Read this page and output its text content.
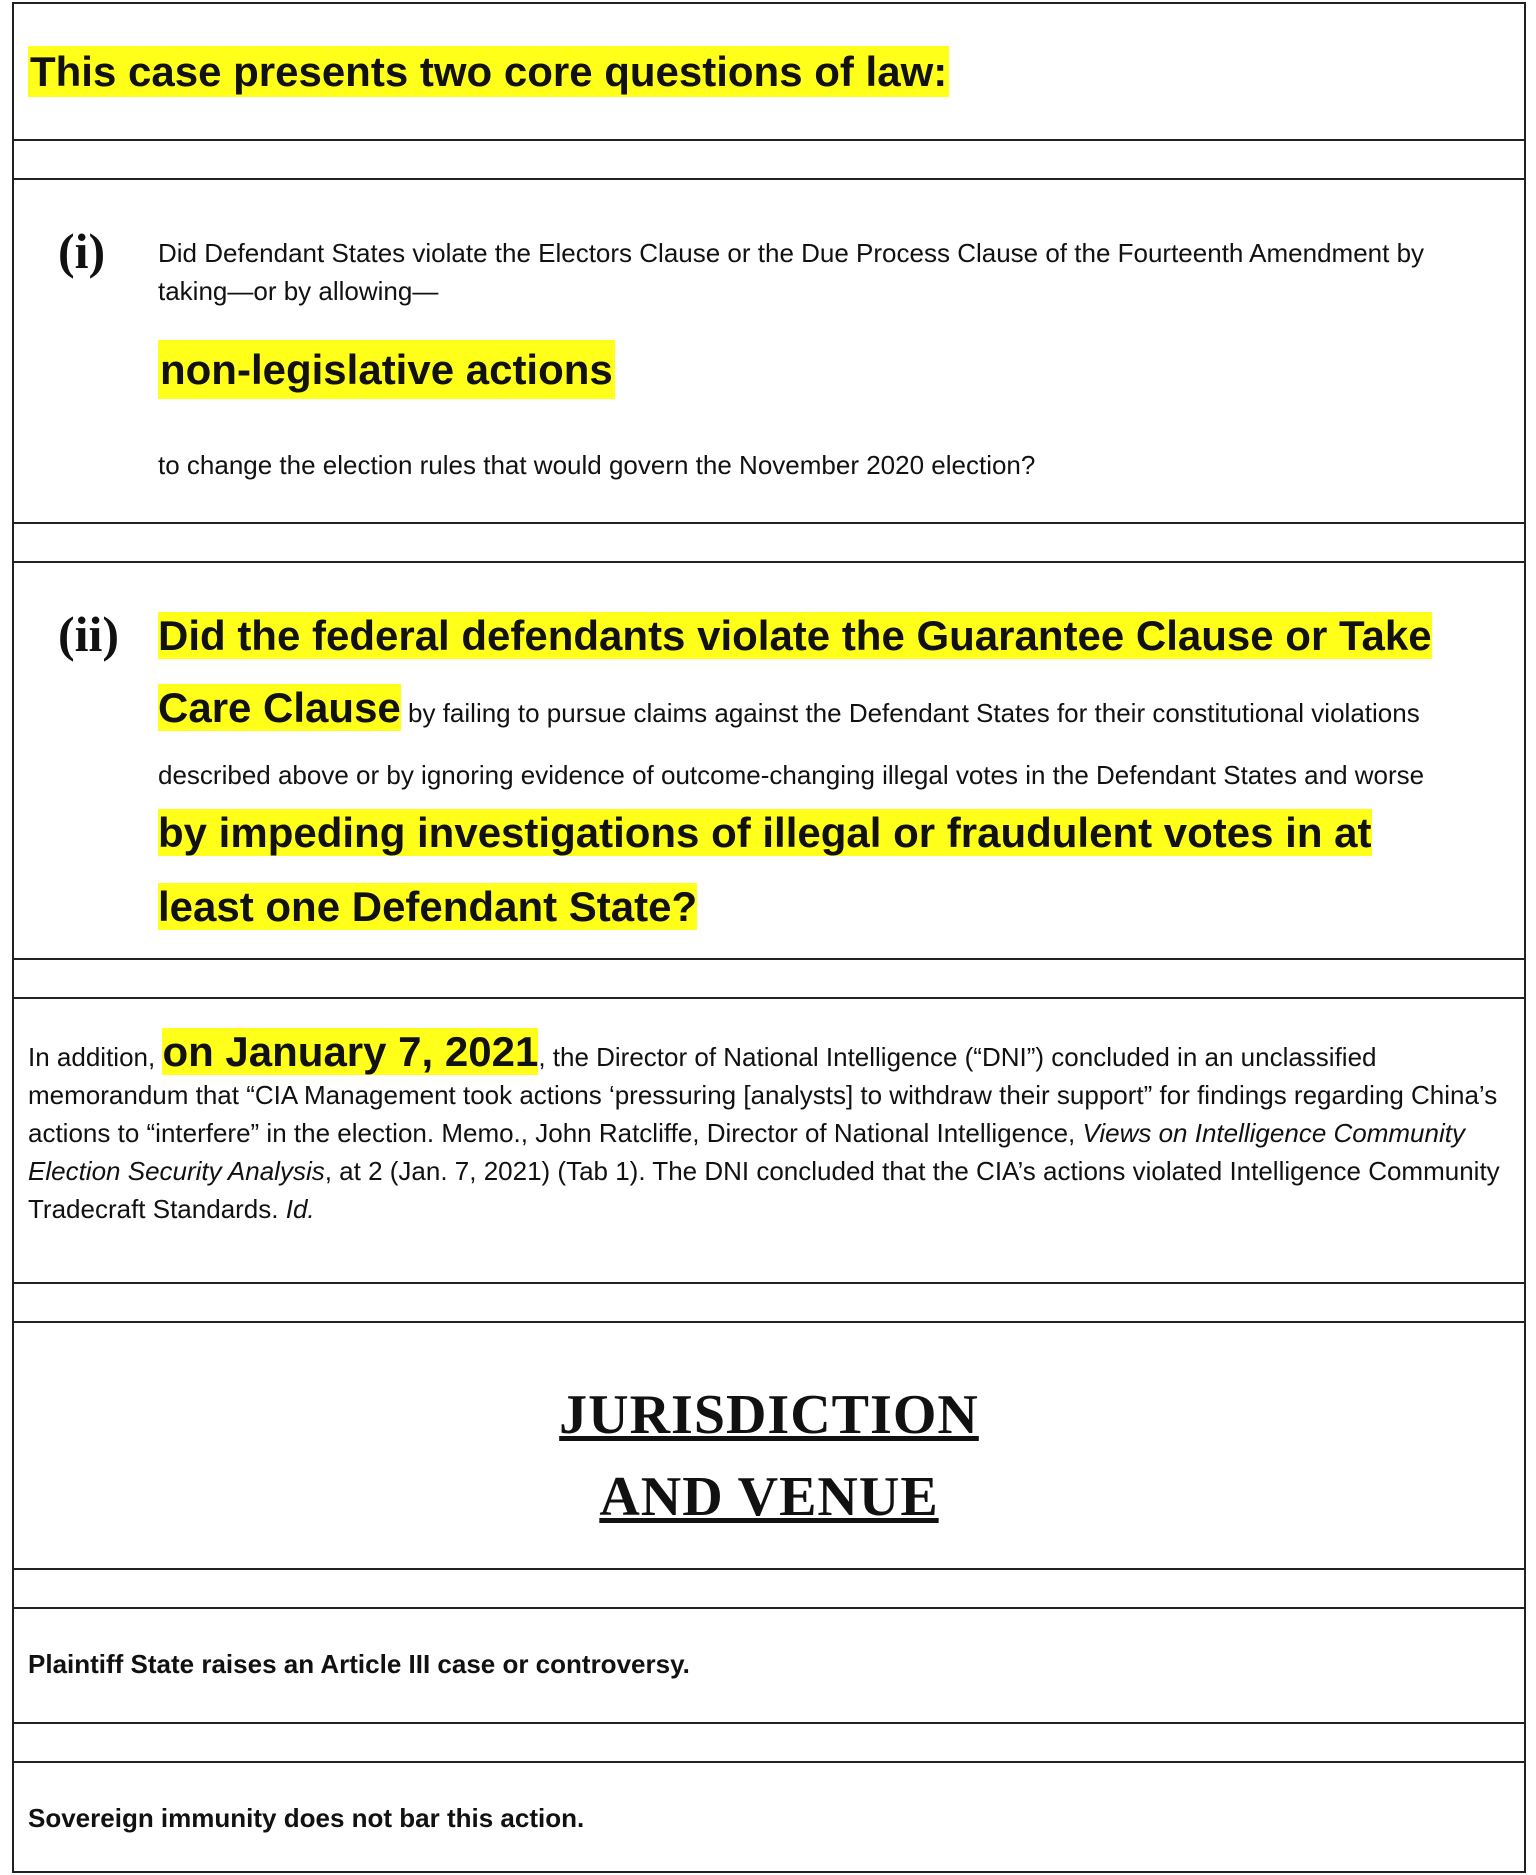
This case presents two core questions of law:
(i) Did Defendant States violate the Electors Clause or the Due Process Clause of the Fourteenth Amendment by taking—or by allowing—
non-legislative actions
to change the election rules that would govern the November 2020 election?
(ii) Did the federal defendants violate the Guarantee Clause or Take Care Clause by failing to pursue claims against the Defendant States for their constitutional violations described above or by ignoring evidence of outcome-changing illegal votes in the Defendant States and worse
by impeding investigations of illegal or fraudulent votes in at least one Defendant State?
In addition, on January 7, 2021, the Director of National Intelligence (“DNI”) concluded in an unclassified memorandum that “CIA Management took actions ‘pressuring [analysts] to withdraw their support” for findings regarding China’s actions to “interfere” in the election. Memo., John Ratcliffe, Director of National Intelligence, Views on Intelligence Community Election Security Analysis, at 2 (Jan. 7, 2021) (Tab 1). The DNI concluded that the CIA’s actions violated Intelligence Community Tradecraft Standards. Id.
JURISDICTION
AND VENUE
Plaintiff State raises an Article III case or controversy.
Sovereign immunity does not bar this action.
